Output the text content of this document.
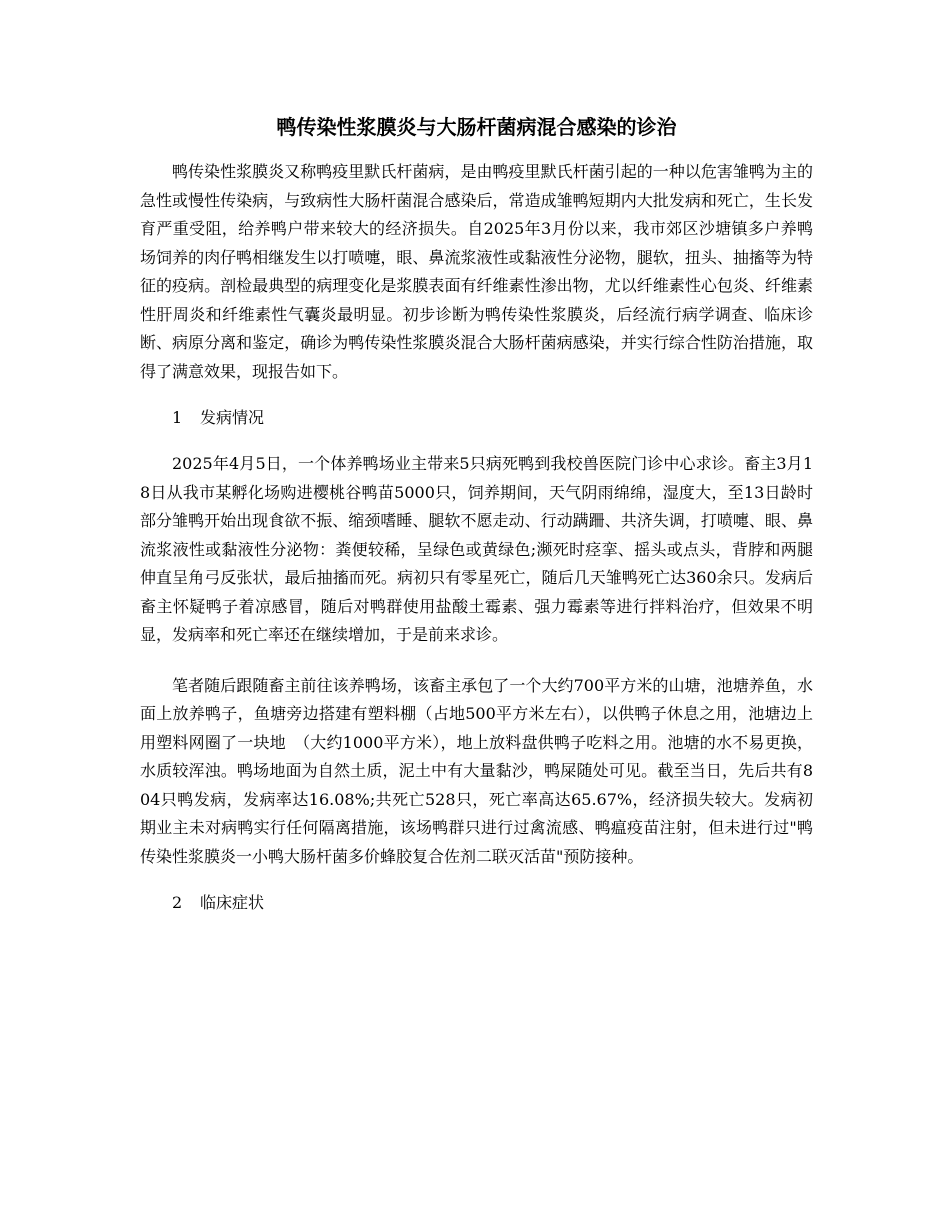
鸭传染性浆膜炎与大肠杆菌病混合感染的诊治

鸭传染性浆膜炎又称鸭疫里默氏杆菌病，是由鸭疫里默氏杆菌引起的一种以危害雏鸭为主的急性或慢性传染病，与致病性大肠杆菌混合感染后，常造成雏鸭短期内大批发病和死亡，生长发育严重受阻，给养鸭户带来较大的经济损失。自2025年3月份以来，我市郊区沙塘镇多户养鸭场饲养的肉仔鸭相继发生以打喷嚏，眼、鼻流浆液性或黏液性分泌物，腿软，扭头、抽搐等为特征的疫病。剖检最典型的病理变化是浆膜表面有纤维素性渗出物，尤以纤维素性心包炎、纤维素性肝周炎和纤维素性气囊炎最明显。初步诊断为鸭传染性浆膜炎，后经流行病学调查、临床诊断、病原分离和鉴定，确诊为鸭传染性浆膜炎混合大肠杆菌病感染，并实行综合性防治措施，取得了满意效果，现报告如下。

1 发病情况

2025年4月5日，一个体养鸭场业主带来5只病死鸭到我校兽医院门诊中心求诊。畜主3月18日从我市某孵化场购进樱桃谷鸭苗5000只，饲养期间，天气阴雨绵绵，湿度大，至13日龄时部分雏鸭开始出现食欲不振、缩颈嗜睡、腿软不愿走动、行动蹒跚、共济失调，打喷嚏、眼、鼻流浆液性或黏液性分泌物：粪便较稀，呈绿色或黄绿色;濒死时痉挛、摇头或点头，背脖和两腿伸直呈角弓反张状，最后抽搐而死。病初只有零星死亡，随后几天雏鸭死亡达360余只。发病后畜主怀疑鸭子着凉感冒，随后对鸭群使用盐酸土霉素、强力霉素等进行拌料治疗，但效果不明显，发病率和死亡率还在继续增加，于是前来求诊。

笔者随后跟随畜主前往该养鸭场，该畜主承包了一个大约700平方米的山塘，池塘养鱼，水面上放养鸭子，鱼塘旁边搭建有塑料棚（占地500平方米左右），以供鸭子休息之用，池塘边上用塑料网圈了一块地　（大约1000平方米），地上放料盘供鸭子吃料之用。池塘的水不易更换，水质较浑浊。鸭场地面为自然土质，泥土中有大量黏沙，鸭屎随处可见。截至当日，先后共有804只鸭发病，发病率达16.08%;共死亡528只，死亡率高达65.67%，经济损失较大。发病初期业主未对病鸭实行任何隔离措施，该场鸭群只进行过禽流感、鸭瘟疫苗注射，但未进行过"鸭传染性浆膜炎一小鸭大肠杆菌多价蜂胶复合佐剂二联灭活苗"预防接种。

2 临床症状
